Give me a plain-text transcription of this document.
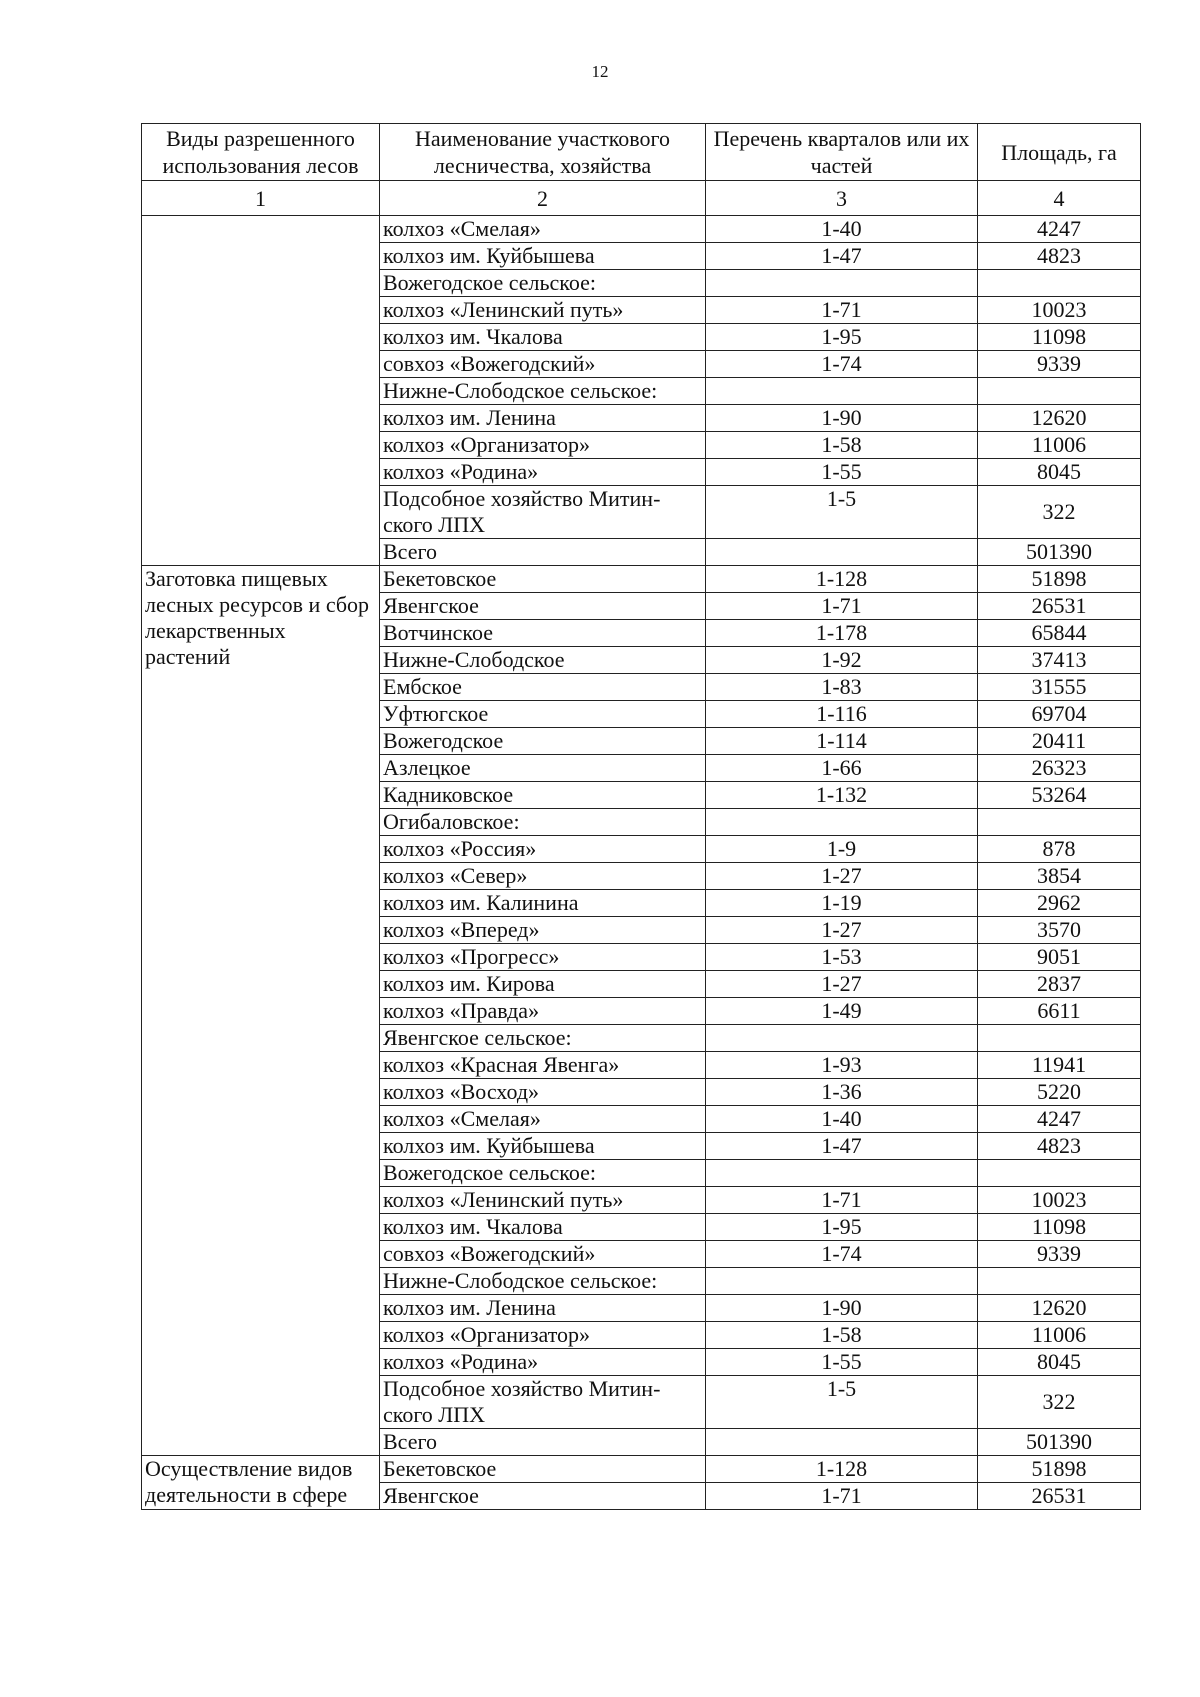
12
Виды разрешенного использования лесов	Наименование участкового лесничества, хозяйства	Перечень кварталов или их частей	Площадь, га
1	2	3	4
	колхоз «Смелая»	1-40	4247
	колхоз им. Куйбышева	1-47	4823
	Вожегодское сельское:		
	колхоз «Ленинский путь»	1-71	10023
	колхоз им. Чкалова	1-95	11098
	совхоз «Вожегодский»	1-74	9339
	Нижне-Слободское сельское:		
	колхоз им. Ленина	1-90	12620
	колхоз «Организатор»	1-58	11006
	колхоз «Родина»	1-55	8045
	Подсобное хозяйство Митин-ского ЛПХ	1-5	322
	Всего		501390
Заготовка пищевых лесных ресурсов и сбор лекарственных растений	Бекетовское	1-128	51898
	Явенгское	1-71	26531
	Вотчинское	1-178	65844
	Нижне-Слободское	1-92	37413
	Ембское	1-83	31555
	Уфтюгское	1-116	69704
	Вожегодское	1-114	20411
	Азлецкое	1-66	26323
	Кадниковское	1-132	53264
	Огибаловское:		
	колхоз «Россия»	1-9	878
	колхоз «Север»	1-27	3854
	колхоз им. Калинина	1-19	2962
	колхоз «Вперед»	1-27	3570
	колхоз «Прогресс»	1-53	9051
	колхоз им. Кирова	1-27	2837
	колхоз «Правда»	1-49	6611
	Явенгское сельское:		
	колхоз «Красная Явенга»	1-93	11941
	колхоз «Восход»	1-36	5220
	колхоз «Смелая»	1-40	4247
	колхоз им. Куйбышева	1-47	4823
	Вожегодское сельское:		
	колхоз «Ленинский путь»	1-71	10023
	колхоз им. Чкалова	1-95	11098
	совхоз «Вожегодский»	1-74	9339
	Нижне-Слободское сельское:		
	колхоз им. Ленина	1-90	12620
	колхоз «Организатор»	1-58	11006
	колхоз «Родина»	1-55	8045
	Подсобное хозяйство Митин-ского ЛПХ	1-5	322
	Всего		501390
Осуществление видов деятельности в сфере	Бекетовское	1-128	51898
	Явенгское	1-71	26531
